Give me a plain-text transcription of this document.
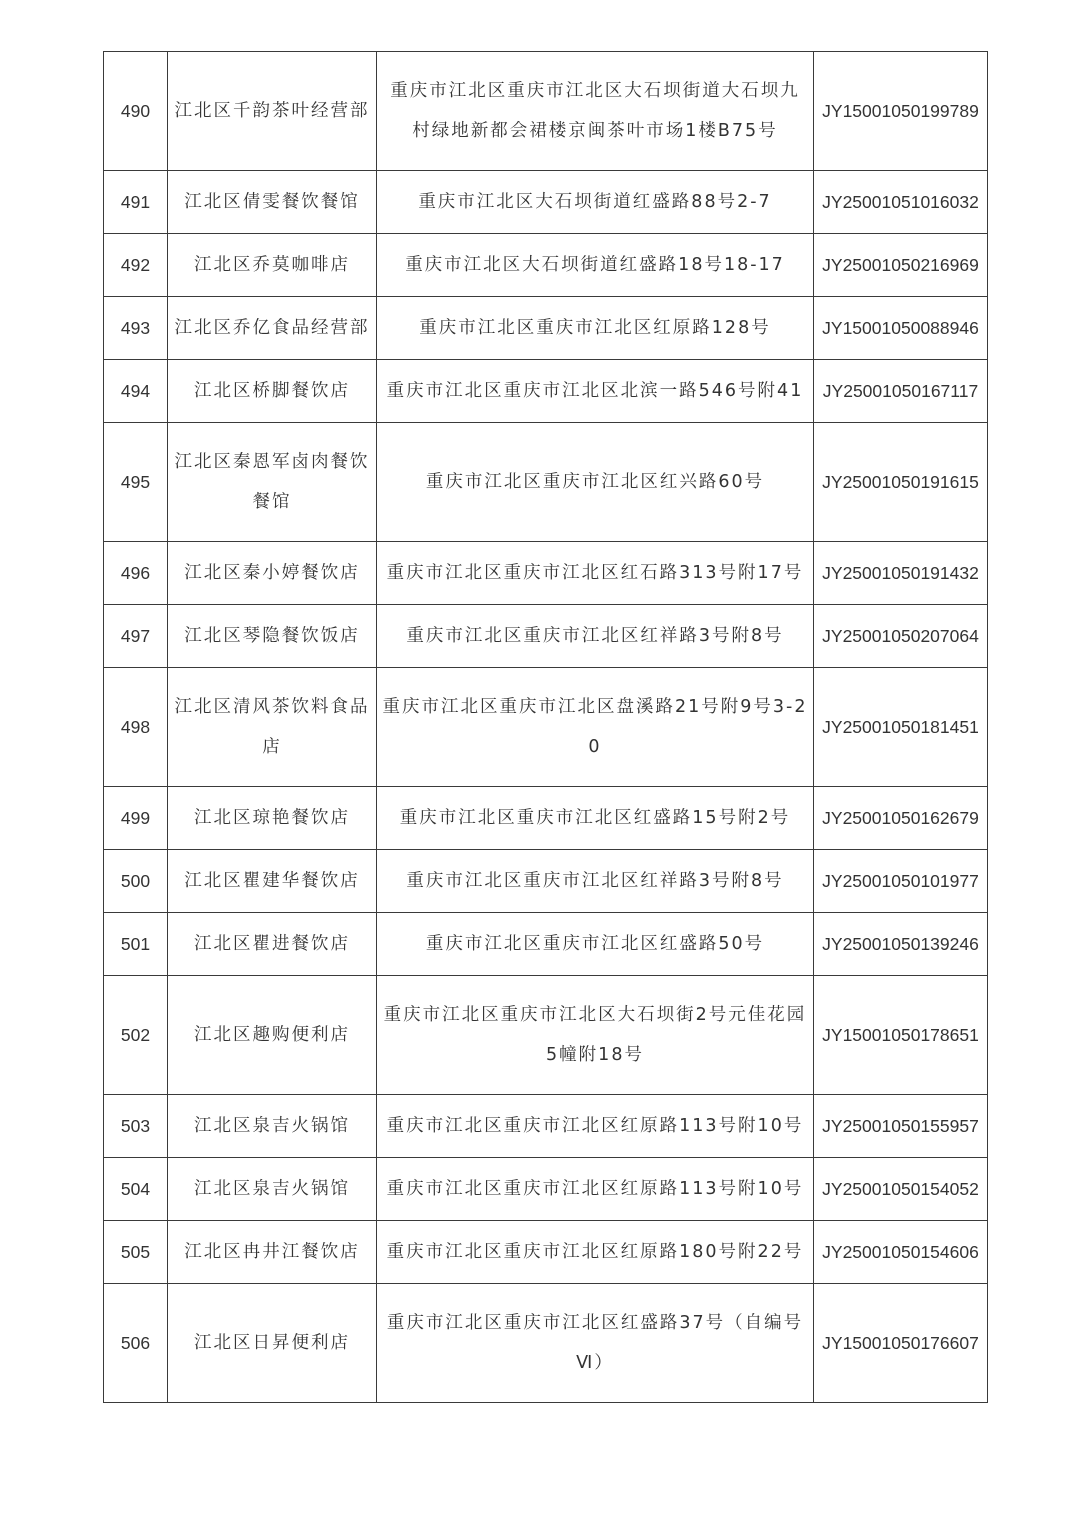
490	江北区千韵茶叶经营部	重庆市江北区重庆市江北区大石坝街道大石坝九村绿地新都会裙楼京闽茶叶市场1楼B75号	JY15001050199789
491	江北区倩雯餐饮餐馆	重庆市江北区大石坝街道红盛路88号2-7	JY25001051016032
492	江北区乔莫咖啡店	重庆市江北区大石坝街道红盛路18号18-17	JY25001050216969
493	江北区乔亿食品经营部	重庆市江北区重庆市江北区红原路128号	JY15001050088946
494	江北区桥脚餐饮店	重庆市江北区重庆市江北区北滨一路546号附41	JY25001050167117
495	江北区秦恩军卤肉餐饮餐馆	重庆市江北区重庆市江北区红兴路60号	JY25001050191615
496	江北区秦小婷餐饮店	重庆市江北区重庆市江北区红石路313号附17号	JY25001050191432
497	江北区琴隐餐饮饭店	重庆市江北区重庆市江北区红祥路3号附8号	JY25001050207064
498	江北区清风茶饮料食品店	重庆市江北区重庆市江北区盘溪路21号附9号3-20	JY25001050181451
499	江北区琼艳餐饮店	重庆市江北区重庆市江北区红盛路15号附2号	JY25001050162679
500	江北区瞿建华餐饮店	重庆市江北区重庆市江北区红祥路3号附8号	JY25001050101977
501	江北区瞿进餐饮店	重庆市江北区重庆市江北区红盛路50号	JY25001050139246
502	江北区趣购便利店	重庆市江北区重庆市江北区大石坝街2号元佳花园5幢附18号	JY15001050178651
503	江北区泉吉火锅馆	重庆市江北区重庆市江北区红原路113号附10号	JY25001050155957
504	江北区泉吉火锅馆	重庆市江北区重庆市江北区红原路113号附10号	JY25001050154052
505	江北区冉井江餐饮店	重庆市江北区重庆市江北区红原路180号附22号	JY25001050154606
506	江北区日昇便利店	重庆市江北区重庆市江北区红盛路37号（自编号Ⅵ）	JY15001050176607
